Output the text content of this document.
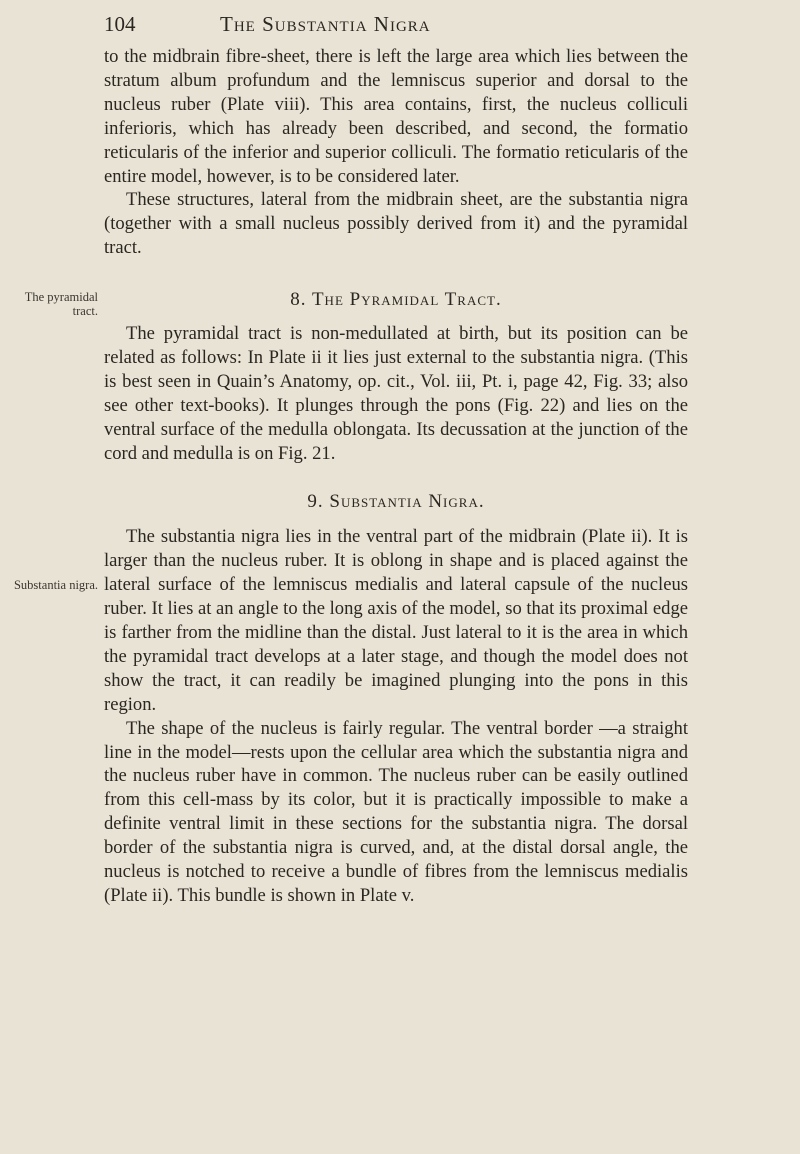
104	The Substantia Nigra
The pyramidal tract.
Substantia nigra.

to the midbrain fibre-sheet, there is left the large area which lies between the stratum album profundum and the lemniscus superior and dorsal to the nucleus ruber (Plate viii). This area contains, first, the nucleus colliculi inferioris, which has already been described, and second, the formatio reticularis of the inferior and superior colliculi. The formatio reticularis of the entire model, however, is to be considered later.

These structures, lateral from the midbrain sheet, are the substantia nigra (together with a small nucleus possibly derived from it) and the pyramidal tract.

8. The Pyramidal Tract.

The pyramidal tract is non-medullated at birth, but its position can be related as follows: In Plate ii it lies just external to the substantia nigra. (This is best seen in Quain’s Anatomy, op. cit., Vol. iii, Pt. i, page 42, Fig. 33; also see other text-books). It plunges through the pons (Fig. 22) and lies on the ventral surface of the medulla oblongata. Its decussation at the junction of the cord and medulla is on Fig. 21.

9. Substantia Nigra.

The substantia nigra lies in the ventral part of the midbrain (Plate ii). It is larger than the nucleus ruber. It is oblong in shape and is placed against the lateral surface of the lemniscus medialis and lateral capsule of the nucleus ruber. It lies at an angle to the long axis of the model, so that its proximal edge is farther from the midline than the distal. Just lateral to it is the area in which the pyramidal tract develops at a later stage, and though the model does not show the tract, it can readily be imagined plunging into the pons in this region.

The shape of the nucleus is fairly regular. The ventral border —a straight line in the model—rests upon the cellular area which the substantia nigra and the nucleus ruber have in common. The nucleus ruber can be easily outlined from this cell-mass by its color, but it is practically impossible to make a definite ventral limit in these sections for the substantia nigra. The dorsal border of the substantia nigra is curved, and, at the distal dorsal angle, the nucleus is notched to receive a bundle of fibres from the lemniscus medialis (Plate ii). This bundle is shown in Plate v.
